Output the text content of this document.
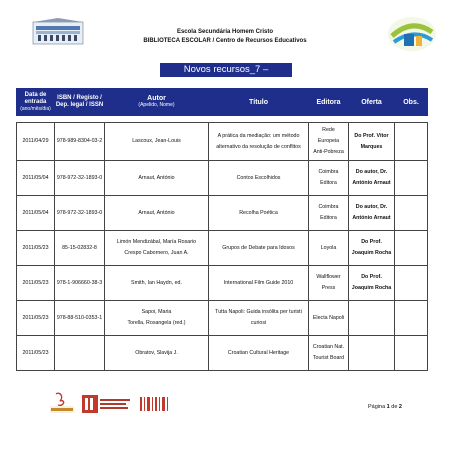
Escola Secundária Homem Cristo
BIBLIOTECA ESCOLAR / Centro de Recursos Educativos
Novos recursos_7 – 13/05/2011
Data de
entrada
(ano/mês/dia)	ISBN / Registo /
Dep. legal / ISSN	Autor
(Apelido, Nome)	Título	Editora	Oferta	Obs.

2011/04/29	978-989-8304-03-2	Lascoux, Jean-Louis	A prática da mediação: um método
alternativo da resolução de conflitos	Rede
Europeia
Anti-Pobreza	Do Prof. Vítor
Marques	

2011/05/04	978-972-32-1893-0	Arnaut, António	Contos Escolhidos	Coimbra
Editora	Do autor, Dr.
António Arnaut	

2011/05/04	978-972-32-1893-0	Arnaut, António	Recolha Poética	Coimbra
Editora	Do autor, Dr.
António Arnaut	

2011/05/23	85-15-02832-8	Limón Mendizábal, María Rosario
Crespo Cabornero, Juan A.	Grupos de Debate para Idosos	Loyola	Do Prof.
Joaquim Rocha	

2011/05/23	978-1-906660-38-3	Smith, Ian Haydn, ed.	International Film Guide 2010	Wallflower
Press	Do Prof.
Joaquim Rocha	

2011/05/23	978-88-510-0353-1	Sapoi, Maria
Torella, Rosangela (red.)	Tutta Napoli: Guida insólita per turisti
curiosi	Electa Napoli		

2011/05/23		Obratov, Slavija J.	Croatian Cultural Heritage	Croatian Nat.
Tourist Board		

Página 1 de 2
